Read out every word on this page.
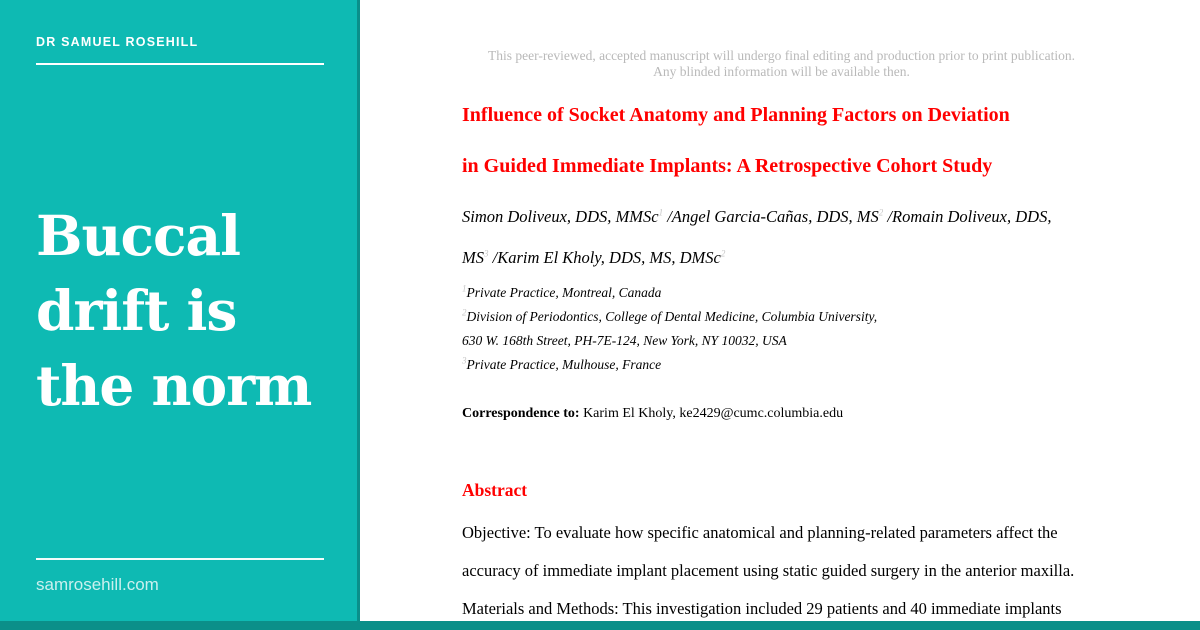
DR SAMUEL ROSEHILL
Buccal
drift is
the norm
samrosehill.com
This peer-reviewed, accepted manuscript will undergo final editing and production prior to print publication.
Any blinded information will be available then.
Influence of Socket Anatomy and Planning Factors on Deviation
in Guided Immediate Implants: A Retrospective Cohort Study
Simon Doliveux, DDS, MMSc$^1$ /Angel Garcia-Cañas, DDS, $MS^2$ /Romain Doliveux, DDS,
$MS^3$ /Karim El Kholy, DDS, MS, DMSc$^2$
$^1$Private Practice, Montreal, Canada
$^2$Division of Periodontics, College of Dental Medicine, Columbia University,
630 W. 168th Street, PH-7E-124, New York, NY 10032, USA
$^3$Private Practice, Mulhouse, France
Correspondence to: Karim El Kholy, ke2429@cumc.columbia.edu
Abstract
Objective: To evaluate how specific anatomical and planning-related parameters affect the
accuracy of immediate implant placement using static guided surgery in the anterior maxilla.
Materials and Methods: This investigation included 29 patients and 40 immediate implants
